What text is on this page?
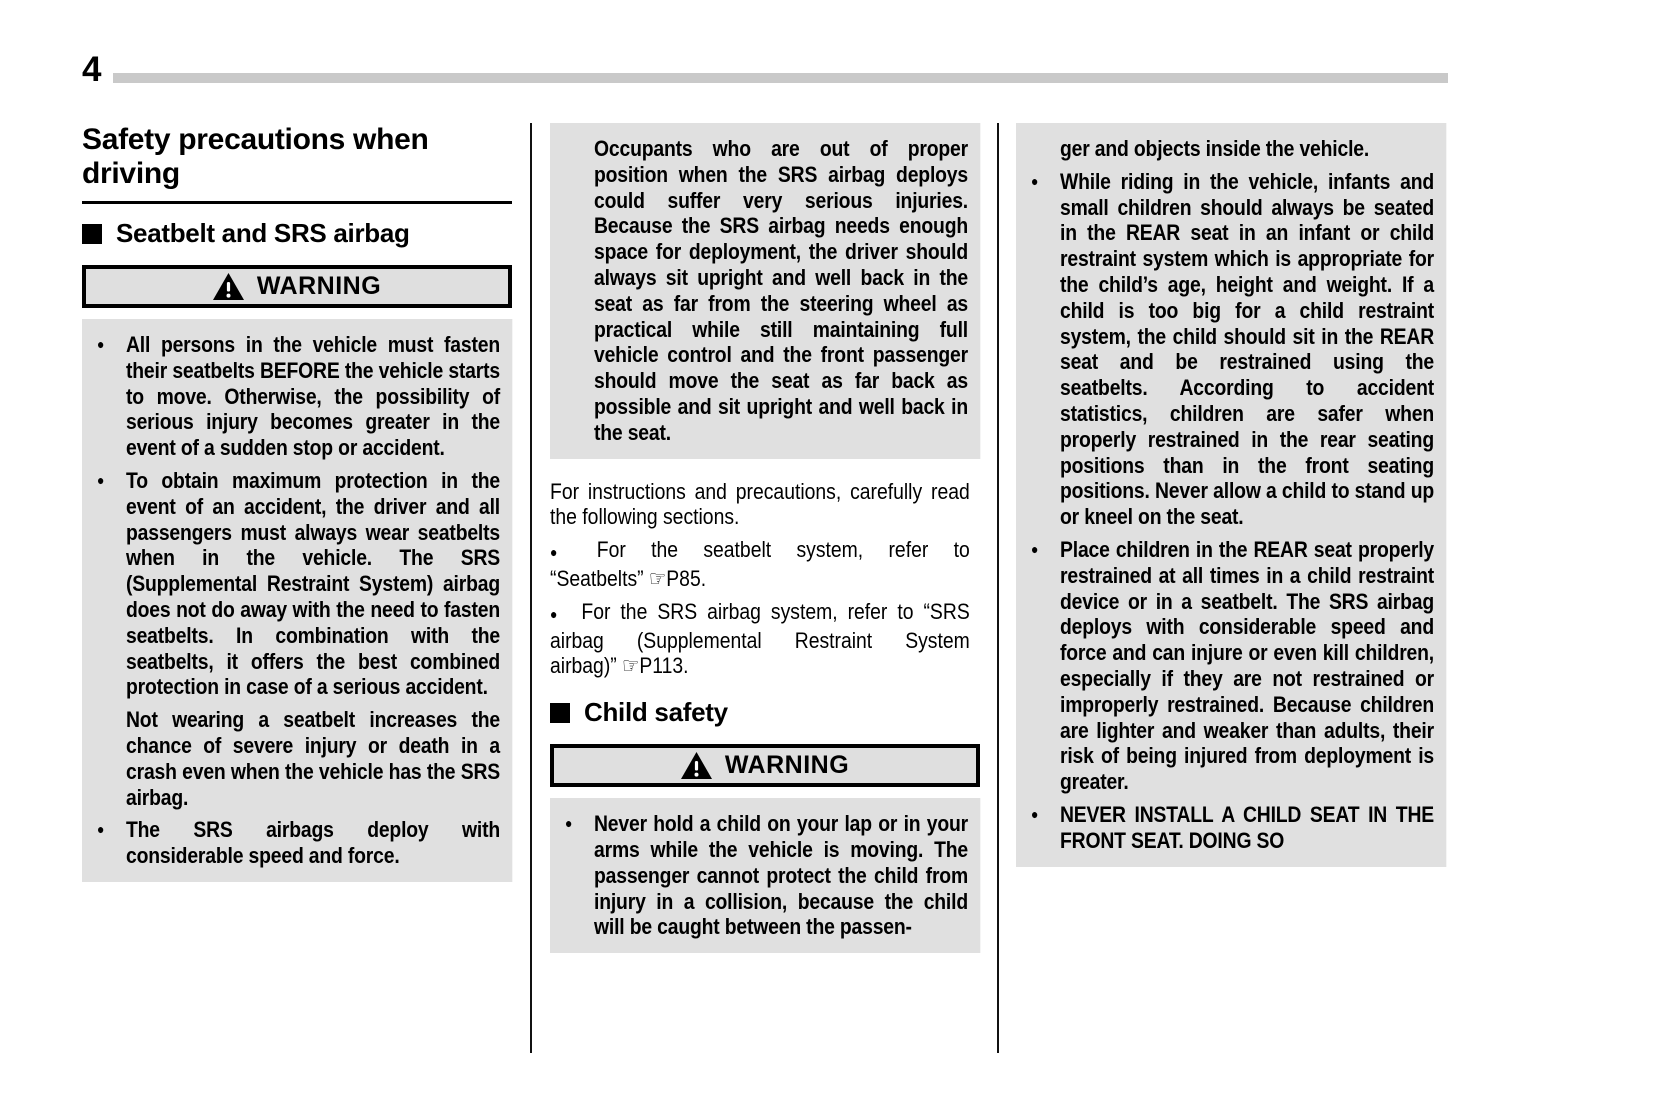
4
Safety precautions when driving
Seatbelt and SRS airbag
WARNING
● All persons in the vehicle must fasten their seatbelts BEFORE the vehicle starts to move. Otherwise, the possibility of serious injury becomes greater in the event of a sudden stop or accident.
● To obtain maximum protection in the event of an accident, the driver and all passengers must always wear seatbelts when in the vehicle. The SRS (Supplemental Restraint System) airbag does not do away with the need to fasten seatbelts. In combination with the seatbelts, it offers the best combined protection in case of a serious accident.
Not wearing a seatbelt increases the chance of severe injury or death in a crash even when the vehicle has the SRS airbag.
● The SRS airbags deploy with considerable speed and force.
Occupants who are out of proper position when the SRS airbag deploys could suffer very serious injuries. Because the SRS airbag needs enough space for deployment, the driver should always sit upright and well back in the seat as far from the steering wheel as practical while still maintaining full vehicle control and the front passenger should move the seat as far back as possible and sit upright and well back in the seat.
For instructions and precautions, carefully read the following sections.
● For the seatbelt system, refer to “Seatbelts” ☞P85.
● For the SRS airbag system, refer to “SRS airbag (Supplemental Restraint System airbag)” ☞P113.
Child safety
WARNING
● Never hold a child on your lap or in your arms while the vehicle is moving. The passenger cannot protect the child from injury in a collision, because the child will be caught between the passen-
ger and objects inside the vehicle.
● While riding in the vehicle, infants and small children should always be seated in the REAR seat in an infant or child restraint system which is appropriate for the child’s age, height and weight. If a child is too big for a child restraint system, the child should sit in the REAR seat and be restrained using the seatbelts. According to accident statistics, children are safer when properly restrained in the rear seating positions than in the front seating positions. Never allow a child to stand up or kneel on the seat.
● Place children in the REAR seat properly restrained at all times in a child restraint device or in a seatbelt. The SRS airbag deploys with considerable speed and force and can injure or even kill children, especially if they are not restrained or improperly restrained. Because children are lighter and weaker than adults, their risk of being injured from deployment is greater.
● NEVER INSTALL A CHILD SEAT IN THE FRONT SEAT. DOING SO
